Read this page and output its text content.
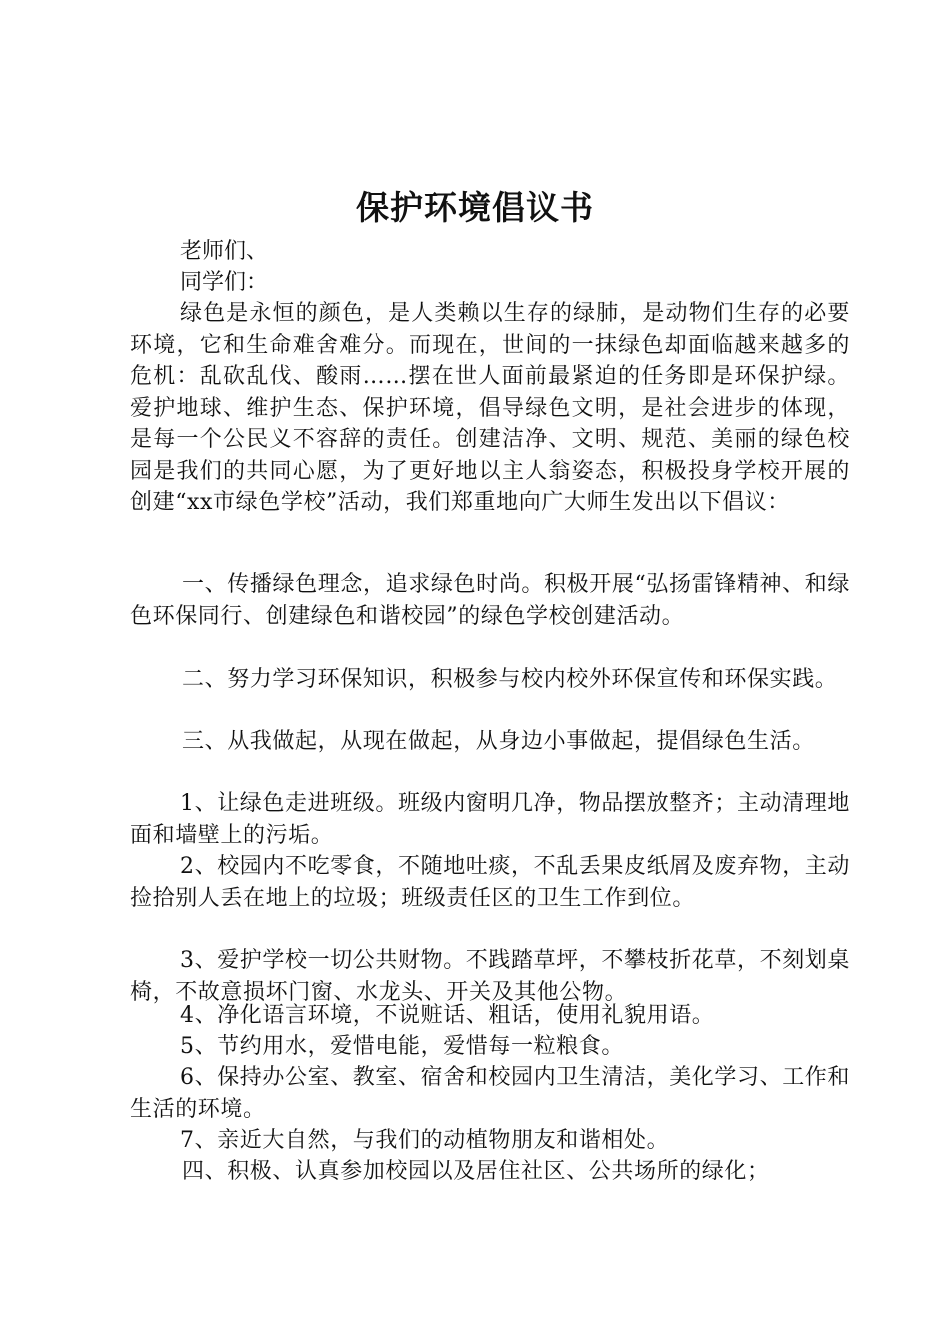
保护环境倡议书
老师们、
同学们：
绿色是永恒的颜色，是人类赖以生存的绿肺，是动物们生存的必要环境，它和生命难舍难分。而现在，世间的一抹绿色却面临越来越多的危机：乱砍乱伐、酸雨……摆在世人面前最紧迫的任务即是环保护绿。爱护地球、维护生态、保护环境，倡导绿色文明，是社会进步的体现，是每一个公民义不容辞的责任。创建洁净、文明、规范、美丽的绿色校园是我们的共同心愿，为了更好地以主人翁姿态，积极投身学校开展的创建“xx市绿色学校”活动，我们郑重地向广大师生发出以下倡议：
一、传播绿色理念，追求绿色时尚。积极开展“弘扬雷锋精神、和绿色环保同行、创建绿色和谐校园”的绿色学校创建活动。
二、努力学习环保知识，积极参与校内校外环保宣传和环保实践。
三、从我做起，从现在做起，从身边小事做起，提倡绿色生活。
1、让绿色走进班级。班级内窗明几净，物品摆放整齐；主动清理地面和墙壁上的污垢。
2、校园内不吃零食，不随地吐痰，不乱丢果皮纸屑及废弃物，主动捡拾别人丢在地上的垃圾；班级责任区的卫生工作到位。
3、爱护学校一切公共财物。不践踏草坪，不攀枝折花草，不刻划桌椅，不故意损坏门窗、水龙头、开关及其他公物。
4、净化语言环境，不说赃话、粗话，使用礼貌用语。
5、节约用水，爱惜电能，爱惜每一粒粮食。
6、保持办公室、教室、宿舍和校园内卫生清洁，美化学习、工作和生活的环境。
7、亲近大自然，与我们的动植物朋友和谐相处。
四、积极、认真参加校园以及居住社区、公共场所的绿化；
